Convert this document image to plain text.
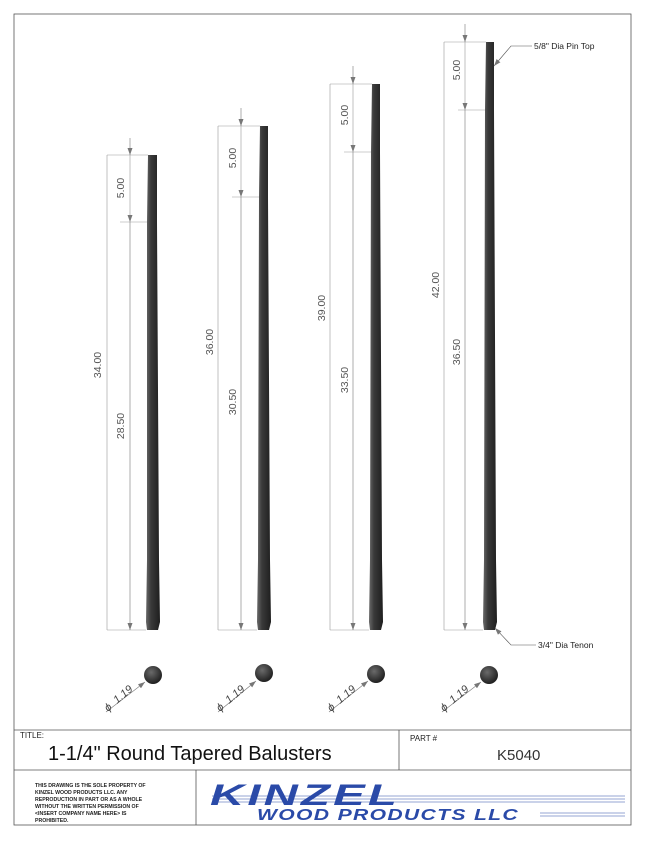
34.00
5.00
28.50
ϕ
1.19
36.00
5.00
30.50
ϕ
1.19
39.00
5.00
33.50
ϕ
1.19
42.00
5.00
36.50
ϕ
1.19
5/8" Dia Pin Top
3/4" Dia Tenon
TITLE:
1-1/4" Round Tapered Balusters
PART #
K5040
THIS DRAWING IS THE SOLE PROPERTY OF
KINZEL WOOD PRODUCTS LLC. ANY
REPRODUCTION IN PART OR AS A WHOLE
WITHOUT THE WRITTEN PERMISSION OF
<INSERT COMPANY NAME HERE> IS
PROHIBITED.
KINZEL
WOOD PRODUCTS LLC
